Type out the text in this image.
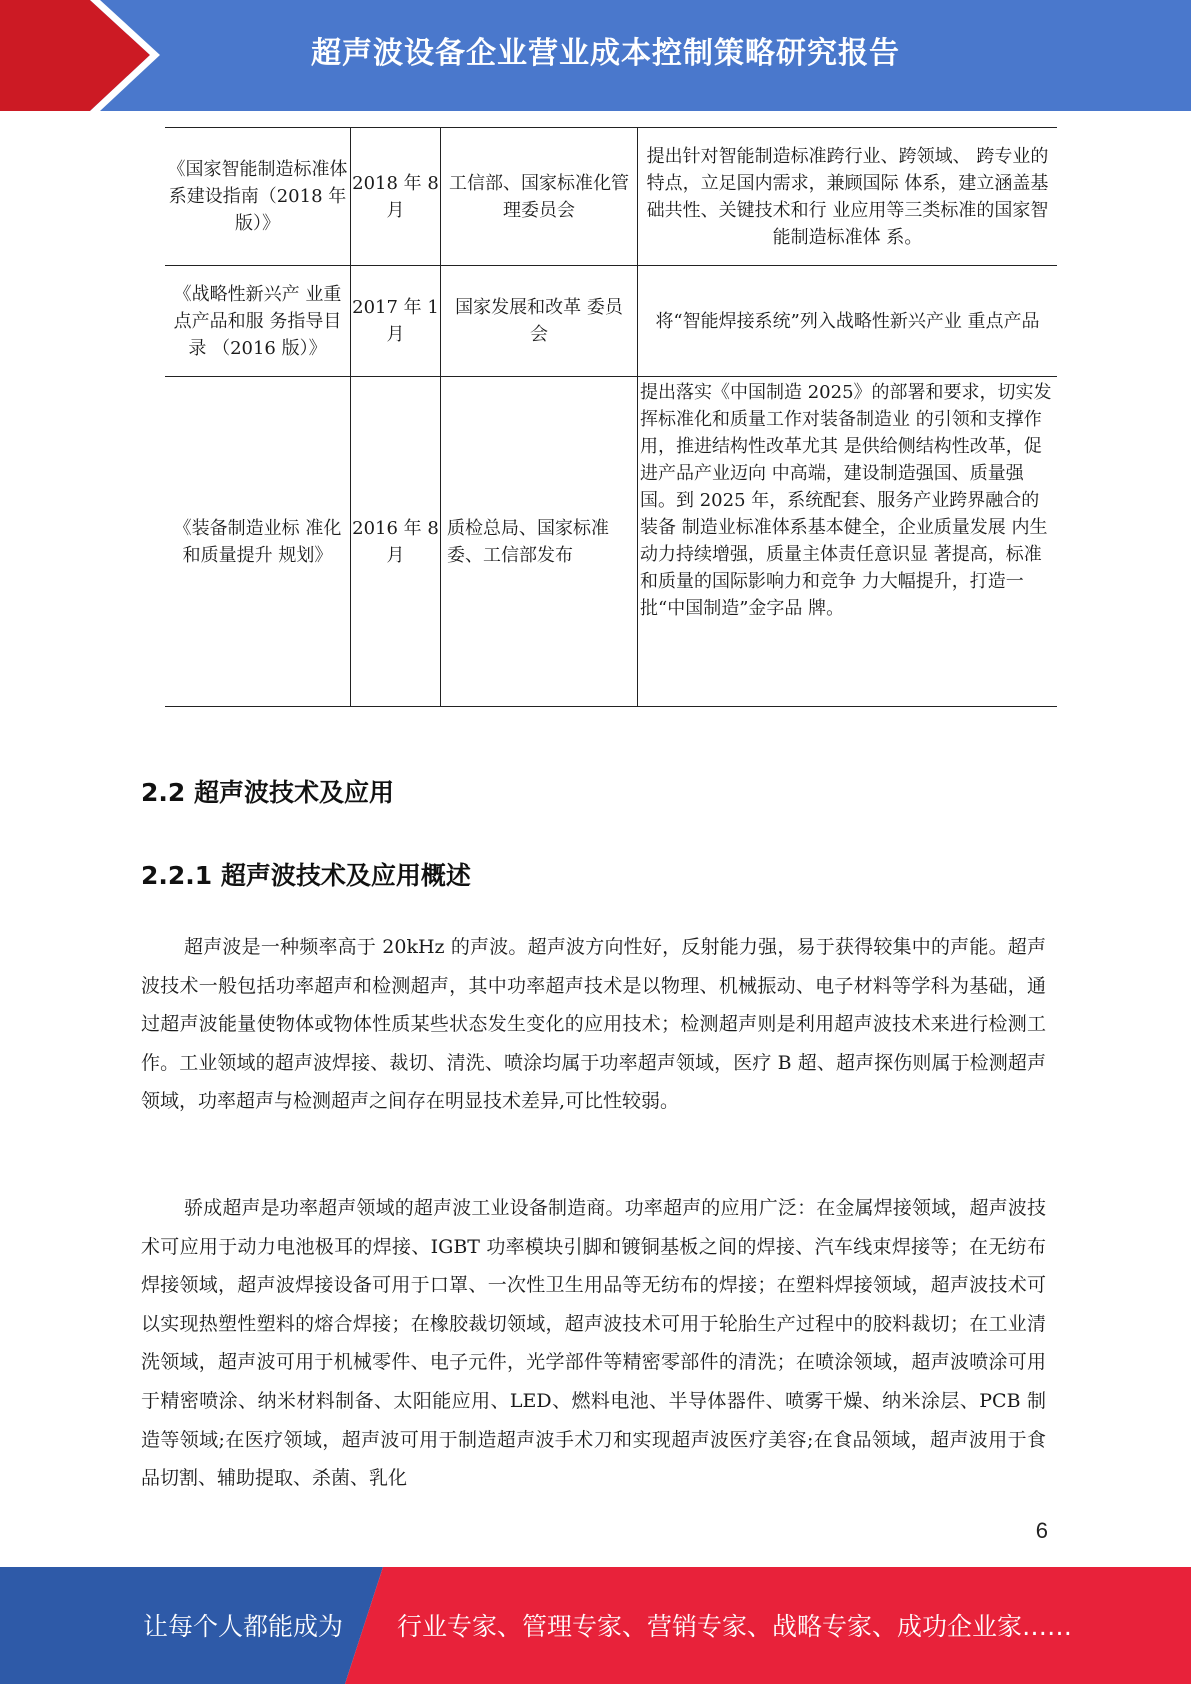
超声波设备企业营业成本控制策略研究报告
《国家智能制造标准体系建设指南（2018 年版）》	2018 年 8 月	工信部、国家标准化管理委员会	提出针对智能制造标准跨行业、跨领域、 跨专业的特点，立足国内需求，兼顾国际 体系，建立涵盖基础共性、关键技术和行 业应用等三类标准的国家智能制造标准体 系。
《战略性新兴产 业重点产品和服 务指导目录 （2016 版）》	2017 年 1 月	国家发展和改革 委员会	将“智能焊接系统”列入战略性新兴产业 重点产品
《装备制造业标 准化和质量提升 规划》	2016 年 8 月	质检总局、国家标准委、工信部发布	提出落实《中国制造 2025》的部署和要求，切实发挥标准化和质量工作对装备制造业 的引领和支撑作用，推进结构性改革尤其 是供给侧结构性改革，促进产品产业迈向 中高端，建设制造强国、质量强国。到 2025 年，系统配套、服务产业跨界融合的装备 制造业标准体系基本健全，企业质量发展 内生动力持续增强，质量主体责任意识显 著提高，标准和质量的国际影响力和竞争 力大幅提升，打造一批“中国制造”金字品 牌。
2.2 超声波技术及应用
2.2.1 超声波技术及应用概述

超声波是一种频率高于 20kHz 的声波。超声波方向性好，反射能力强，易于获得较集中的声能。超声波技术一般包括功率超声和检测超声，其中功率超声技术是以物理、机械振动、电子材料等学科为基础，通过超声波能量使物体或物体性质某些状态发生变化的应用技术；检测超声则是利用超声波技术来进行检测工作。工业领域的超声波焊接、裁切、清洗、喷涂均属于功率超声领域，医疗 B 超、超声探伤则属于检测超声领域，功率超声与检测超声之间存在明显技术差异,可比性较弱。

骄成超声是功率超声领域的超声波工业设备制造商。功率超声的应用广泛：在金属焊接领域，超声波技术可应用于动力电池极耳的焊接、IGBT 功率模块引脚和镀铜基板之间的焊接、汽车线束焊接等；在无纺布焊接领域，超声波焊接设备可用于口罩、一次性卫生用品等无纺布的焊接；在塑料焊接领域，超声波技术可以实现热塑性塑料的熔合焊接；在橡胶裁切领域，超声波技术可用于轮胎生产过程中的胶料裁切；在工业清洗领域，超声波可用于机械零件、电子元件，光学部件等精密零部件的清洗；在喷涂领域，超声波喷涂可用于精密喷涂、纳米材料制备、太阳能应用、LED、燃料电池、半导体器件、喷雾干燥、纳米涂层、PCB 制造等领域;在医疗领域，超声波可用于制造超声波手术刀和实现超声波医疗美容;在食品领域，超声波用于食品切割、辅助提取、杀菌、乳化

6
让每个人都能成为 行业专家、管理专家、营销专家、战略专家、成功企业家……
